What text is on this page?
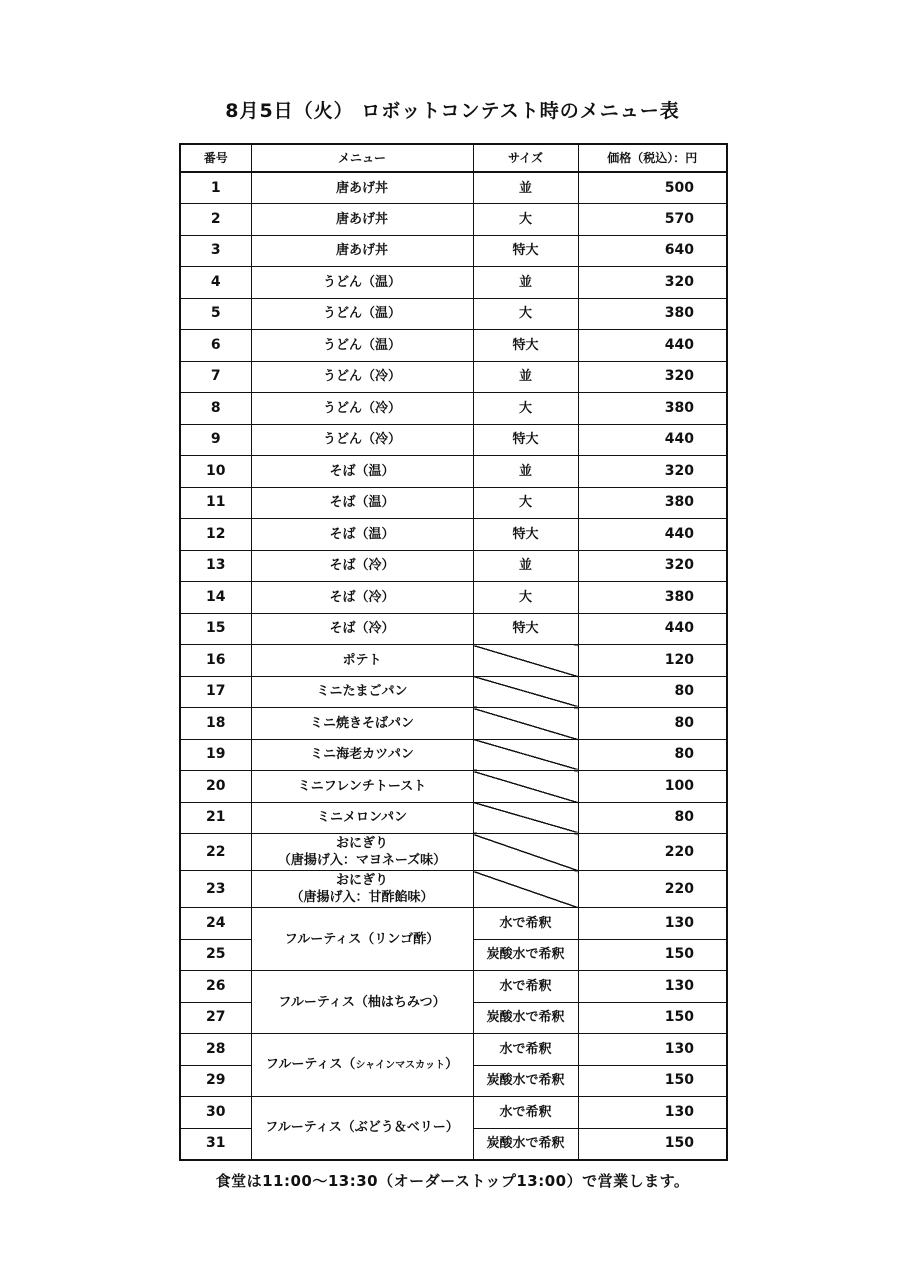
8月5日（火） ロボットコンテスト時のメニュー表
番号	メニュー	サイズ	価格（税込）：円
1	唐あげ丼	並	500
2	唐あげ丼	大	570
3	唐あげ丼	特大	640
4	うどん（温）	並	320
5	うどん（温）	大	380
6	うどん（温）	特大	440
7	うどん（冷）	並	320
8	うどん（冷）	大	380
9	うどん（冷）	特大	440
10	そば（温）	並	320
11	そば（温）	大	380
12	そば（温）	特大	440
13	そば（冷）	並	320
14	そば（冷）	大	380
15	そば（冷）	特大	440
16	ポテト		120
17	ミニたまごパン		80
18	ミニ焼きそばパン		80
19	ミニ海老カツパン		80
20	ミニフレンチトースト		100
21	ミニメロンパン		80
22	おにぎり
（唐揚げ入：マヨネーズ味）		220
23	おにぎり
（唐揚げ入：甘酢餡味）		220
24	フルーティス（リンゴ酢）	水で希釈	130
25		炭酸水で希釈	150
26	フルーティス（柚はちみつ）	水で希釈	130
27		炭酸水で希釈	150
28	フルーティス（シャインマスカット）	水で希釈	130
29		炭酸水で希釈	150
30	フルーティス（ぶどう＆ベリー）	水で希釈	130
31		炭酸水で希釈	150
食堂は11:00～13:30（オーダーストップ13:00）で営業します。
